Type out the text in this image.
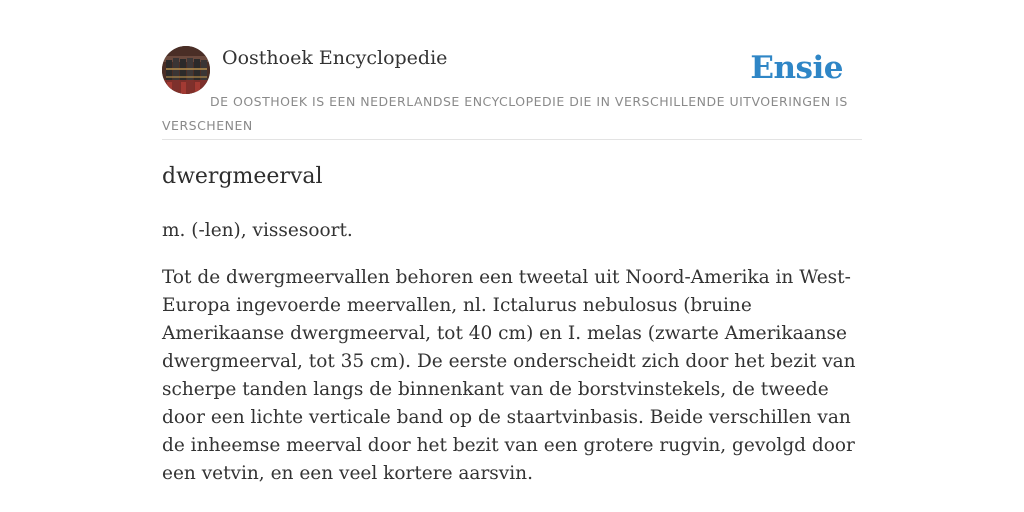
Oosthoek Encyclopedie	Ensie
DE OOSTHOEK IS EEN NEDERLANDSE ENCYCLOPEDIE DIE IN VERSCHILLENDE UITVOERINGEN IS VERSCHENEN
dwergmeerval

m. (-len), vissesoort.

Tot de dwergmeervallen behoren een tweetal uit Noord-Amerika in West-Europa ingevoerde meervallen, nl. Ictalurus nebulosus (bruine Amerikaanse dwergmeerval, tot 40 cm) en I. melas (zwarte Amerikaanse dwergmeerval, tot 35 cm). De eerste onderscheidt zich door het bezit van scherpe tanden langs de binnenkant van de borstvinstekels, de tweede door een lichte verticale band op de staartvinbasis. Beide verschillen van de inheemse meerval door het bezit van een grotere rugvin, gevolgd door een vetvin, en een veel kortere aarsvin.
